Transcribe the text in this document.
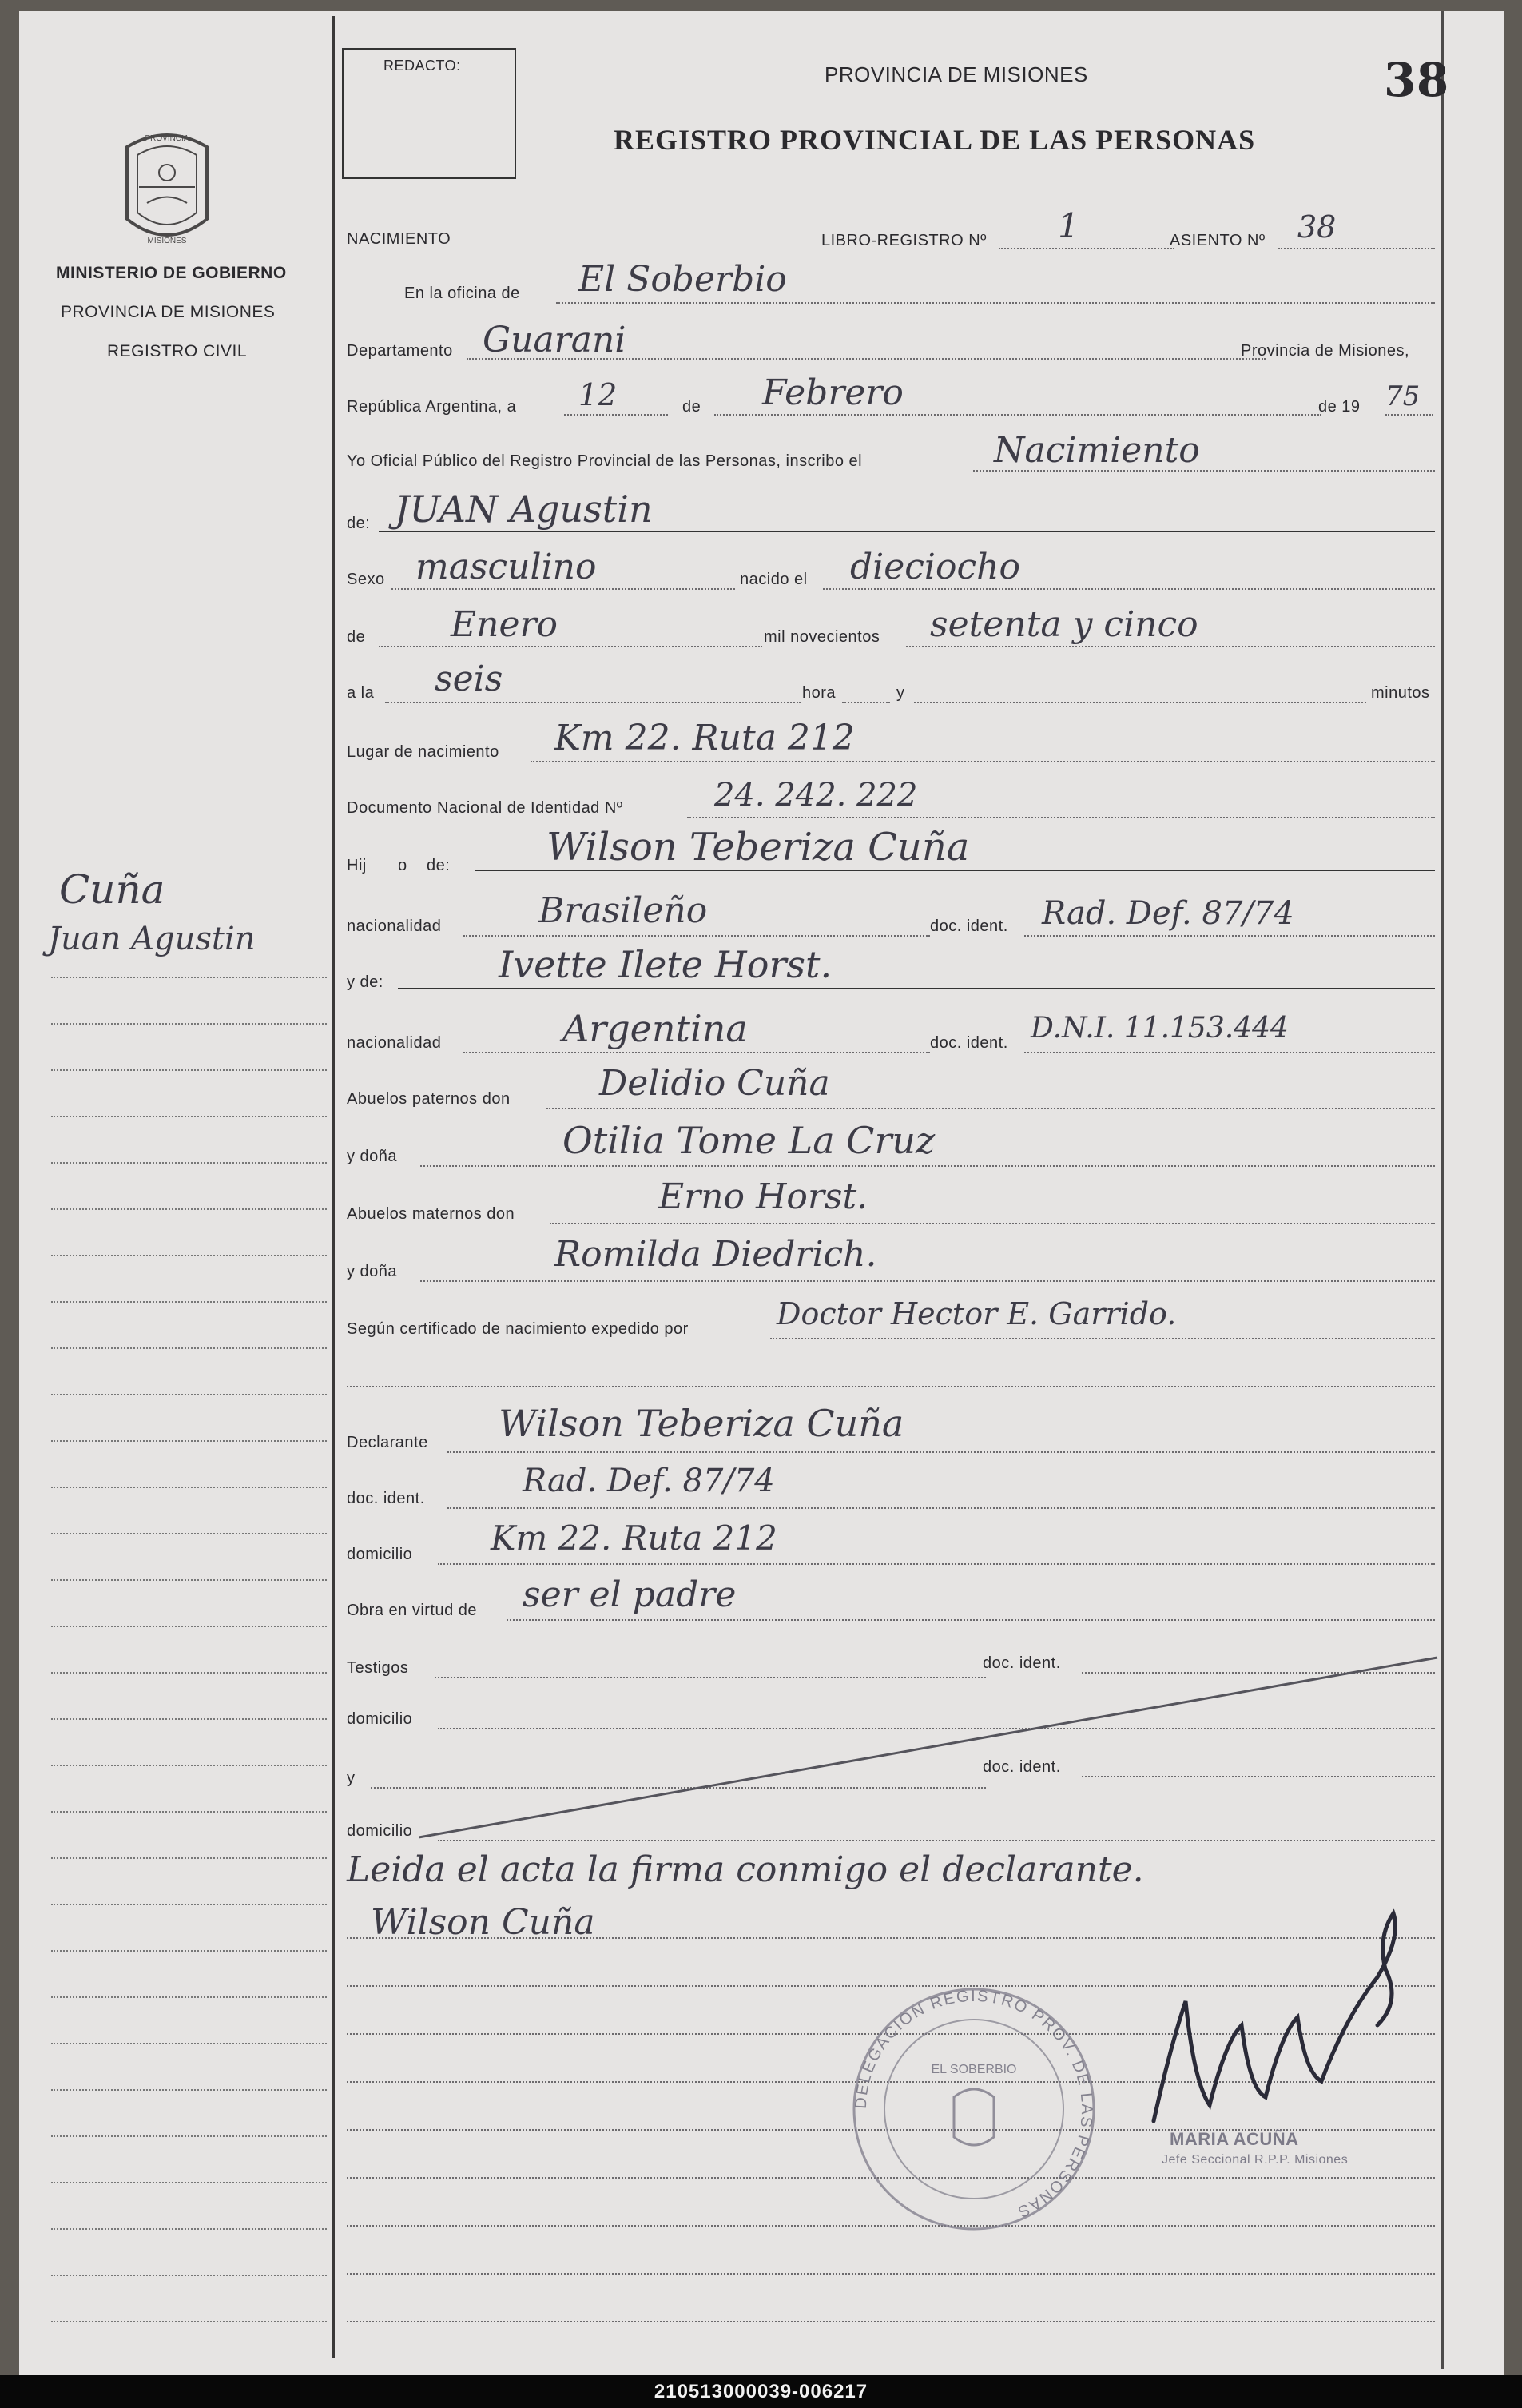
PROVINCIA
MISIONES
MINISTERIO DE GOBIERNO
PROVINCIA DE MISIONES
REGISTRO CIVIL
Cuña
Juan Agustin
REDACTO:	PROVINCIA DE MISIONES	38
REGISTRO PROVINCIAL DE LAS PERSONAS
NACIMIENTO	LIBRO-REGISTRO Nº 1	ASIENTO Nº 38
En la oficina de El Soberbio
Departamento Guarani	Provincia de Misiones,
República Argentina, a 12	de Febrero	de 19 75
Yo Oficial Público del Registro Provincial de las Personas, inscribo el	Nacimiento
de: JUAN Agustin
Sexo masculino	nacido el dieciocho
de Enero	mil novecientos setenta y cinco
a la seis	hora	y	minutos
Lugar de nacimiento Km 22. Ruta 212
Documento Nacional de Identidad Nº	24. 242. 222
Hij o de:	Wilson Teberiza Cuña
nacionalidad	Brasileño	doc. ident. Rad. Def. 87/74
y de:	Ivette Ilete Horst.
nacionalidad	Argentina	doc. ident. D.N.I. 11.153.444
Abuelos paternos don	Delidio Cuña
y doña	Otilia Tome La Cruz
Abuelos maternos don	Erno Horst.
y doña	Romilda Diedrich.
Según certificado de nacimiento expedido por	Doctor Hector E. Garrido.
Declarante Wilson Teberiza Cuña
doc. ident.	Rad. Def. 87/74
domicilio Km 22. Ruta 212
Obra en virtud de ser el padre
Testigos	doc. ident.
domicilio
y
doc. ident.
domicilio
Leida el acta la firma conmigo el declarante.
Wilson Cuña
DELEGACION REGISTRO PROV. DE LAS PERSONAS
EL SOBERBIO
MARIA ACUÑA
Jefe Seccional R.P.P. Misiones
210513000039-006217
